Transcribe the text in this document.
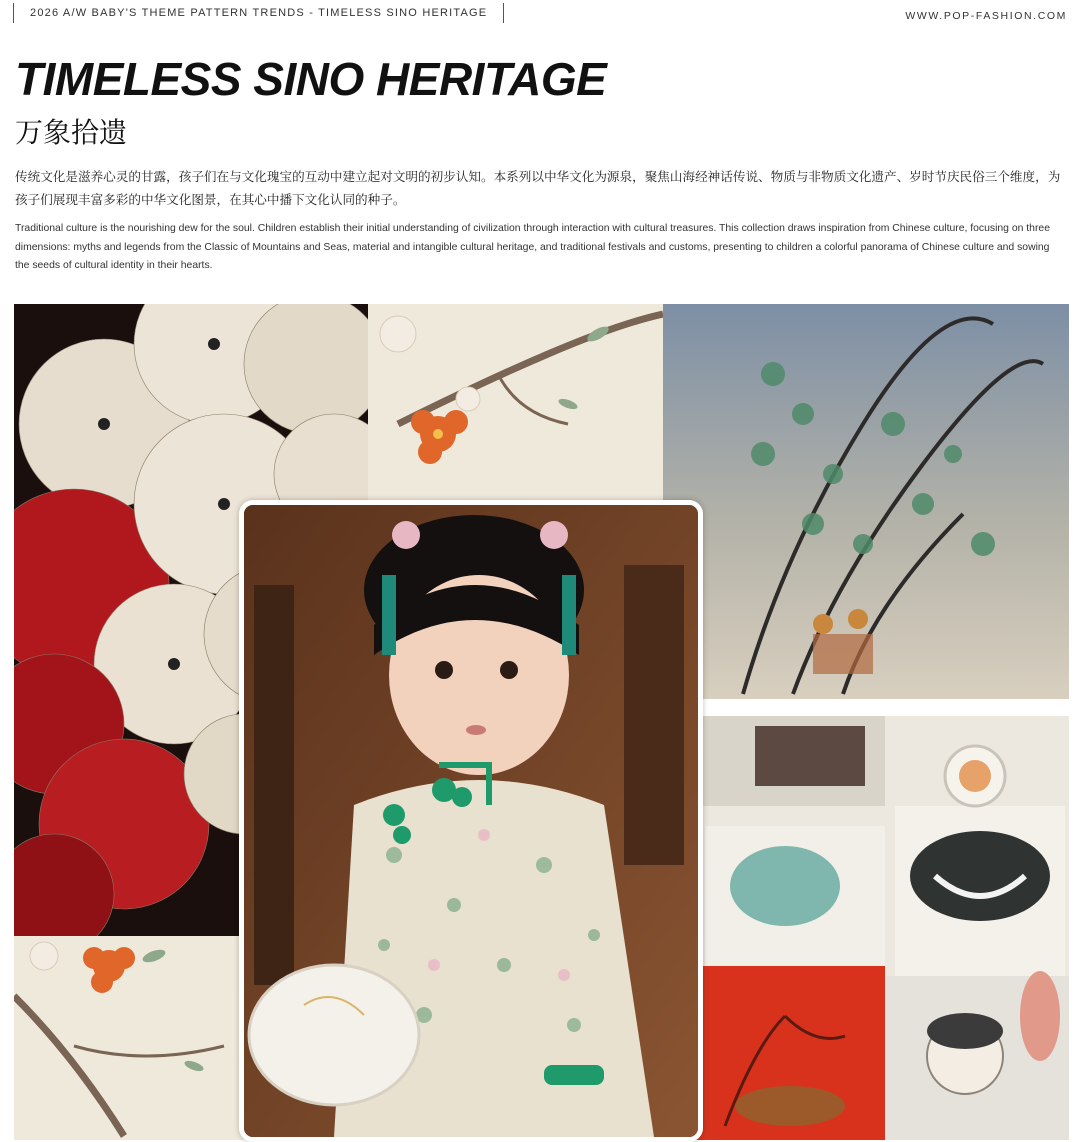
2026 A/W BABY'S THEME PATTERN TRENDS - TIMELESS SINO HERITAGE	WWW.POP-FASHION.COM
TIMELESS SINO HERITAGE
万象拾遗

传统文化是滋养心灵的甘露，孩子们在与文化瑰宝的互动中建立起对文明的初步认知。本系列以中华文化为源泉，聚焦山海经神话传说、物质与非物质文化遗产、岁时节庆民俗三个维度，为孩子们展现丰富多彩的中华文化图景，在其心中播下文化认同的种子。

Traditional culture is the nourishing dew for the soul. Children establish their initial understanding of civilization through interaction with cultural treasures. This collection draws inspiration from Chinese culture, focusing on three dimensions: myths and legends from the Classic of Mountains and Seas, material and intangible cultural heritage, and traditional festivals and customs, presenting to children a colorful panorama of Chinese culture and sowing the seeds of cultural identity in their hearts.
